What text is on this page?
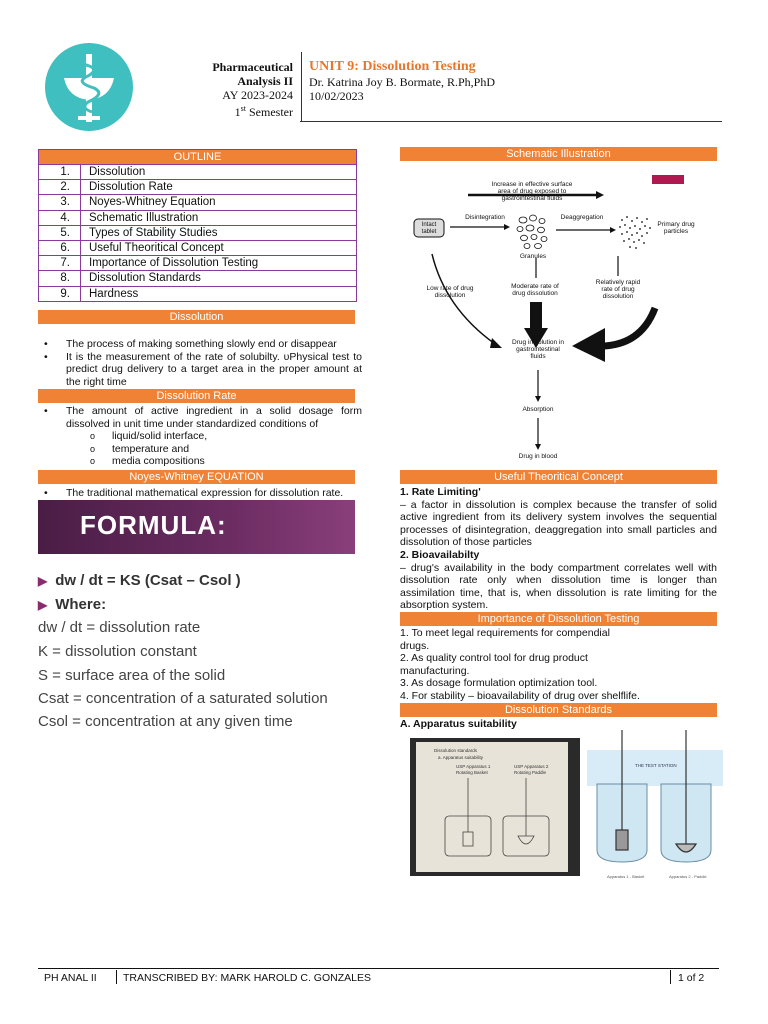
Pharmaceutical
Analysis II
AY 2023-2024
1st Semester
UNIT 9: Dissolution Testing
Dr. Katrina Joy B. Bormate, R.Ph,PhD
10/02/2023
OUTLINE
1.	Dissolution
2.	Dissolution Rate
3.	Noyes-Whitney Equation
4.	Schematic Illustration
5.	Types of Stability Studies
6.	Useful Theoritical Concept
7.	Importance of Dissolution Testing
8.	Dissolution Standards
9.	Hardness
Dissolution
• The process of making something slowly end or disappear
• It is the measurement of the rate of solubilty. υPhysical test to predict drug delivery to a target area in the proper amount at the right time
Dissolution Rate
• The amount of active ingredient in a solid dosage form dissolved in unit time under standardized conditions of
o liquid/solid interface,
o temperature and
o media compositions
Noyes-Whitney EQUATION
• The traditional mathematical expression for dissolution rate.
FORMULA:
▶ dw / dt = KS (Csat – Csol )
▶ Where:
dw / dt = dissolution rate
K = dissolution constant
S = surface area of the solid
Csat = concentration of a saturated solution
Csol = concentration at any given time
Schematic Illustration
Increase in effective surface area of drug exposed to gastrointestinal fluids
Intact tablet
Disintegration
Granules
Deaggregation
Primary drug particles
Low rate of drug dissolution
Moderate rate of drug dissolution
Relatively rapid rate of drug dissolution
Drug in solution in gastrointestinal fluids
Absorption
Drug in blood
Useful Theoritical Concept
1. Rate Limiting'
– a factor in dissolution is complex because the transfer of solid active ingredient from its delivery system involves the sequential processes of disintegration, deaggregation into small particles and dissolution of those particles
2. Bioavailabilty
– drug's availability in the body compartment correlates well with dissolution rate only when dissolution time is longer than assimilation time, that is, when dissolution is rate limiting for the absorption system.
Importance of Dissolution Testing
1. To meet legal requirements for compendial
drugs.
2. As quality control tool for drug product
manufacturing.
3. As dosage formulation optimization tool.
4. For stability – bioavailability of drug over shelflife.
Dissolution Standards
A. Apparatus suitability
Dissolution standards
a. Apparatus suitability
USP Apparatus 1
Rotating Basket
USP Apparatus 2
Rotating Paddle
THE TEST STATION
Apparatus 1 - Basket	Apparatus 2 - Paddle
PH ANAL II	TRANSCRIBED BY: MARK HAROLD C. GONZALES	1 of 2
